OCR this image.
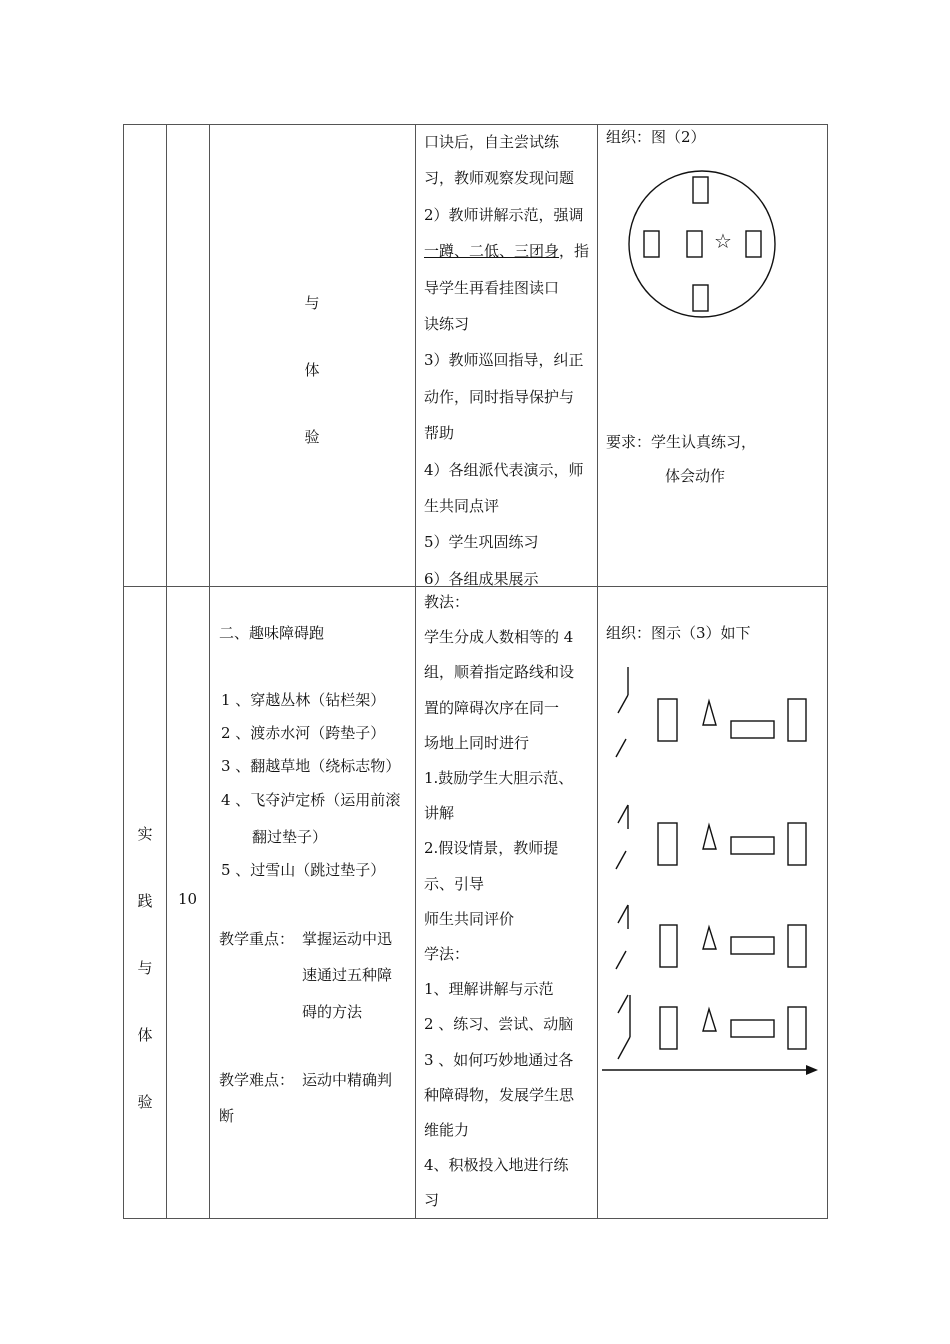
与
体
验
口诀后，自主尝试练
习，教师观察发现问题
2）教师讲解示范，强调
一蹲、二低、三团身，指
导学生再看挂图读口
诀练习
3）教师巡回指导，纠正
动作，同时指导保护与
帮助
4）各组派代表演示，师
生共同点评
5）学生巩固练习
6）各组成果展示
组织：图（2）
☆
要求：学生认真练习，
体会动作
实
践
与
体
验
10
二、趣味障碍跑
1 、穿越丛林（钻栏架）
2 、渡赤水河（跨垫子）
3 、翻越草地（绕标志物）
4 、飞夺泸定桥（运用前滚
翻过垫子）
5 、过雪山（跳过垫子）
教学重点： 掌握运动中迅
速通过五种障
碍的方法
教学难点： 运动中精确判
断
教法：
学生分成人数相等的 4
组，顺着指定路线和设
置的障碍次序在同一
场地上同时进行
1.鼓励学生大胆示范、
讲解
2.假设情景，教师提
示、引导
师生共同评价
学法：
1、理解讲解与示范
2 、练习、尝试、动脑
3 、如何巧妙地通过各
种障碍物，发展学生思
维能力
4、积极投入地进行练
习
组织：图示（3）如下
